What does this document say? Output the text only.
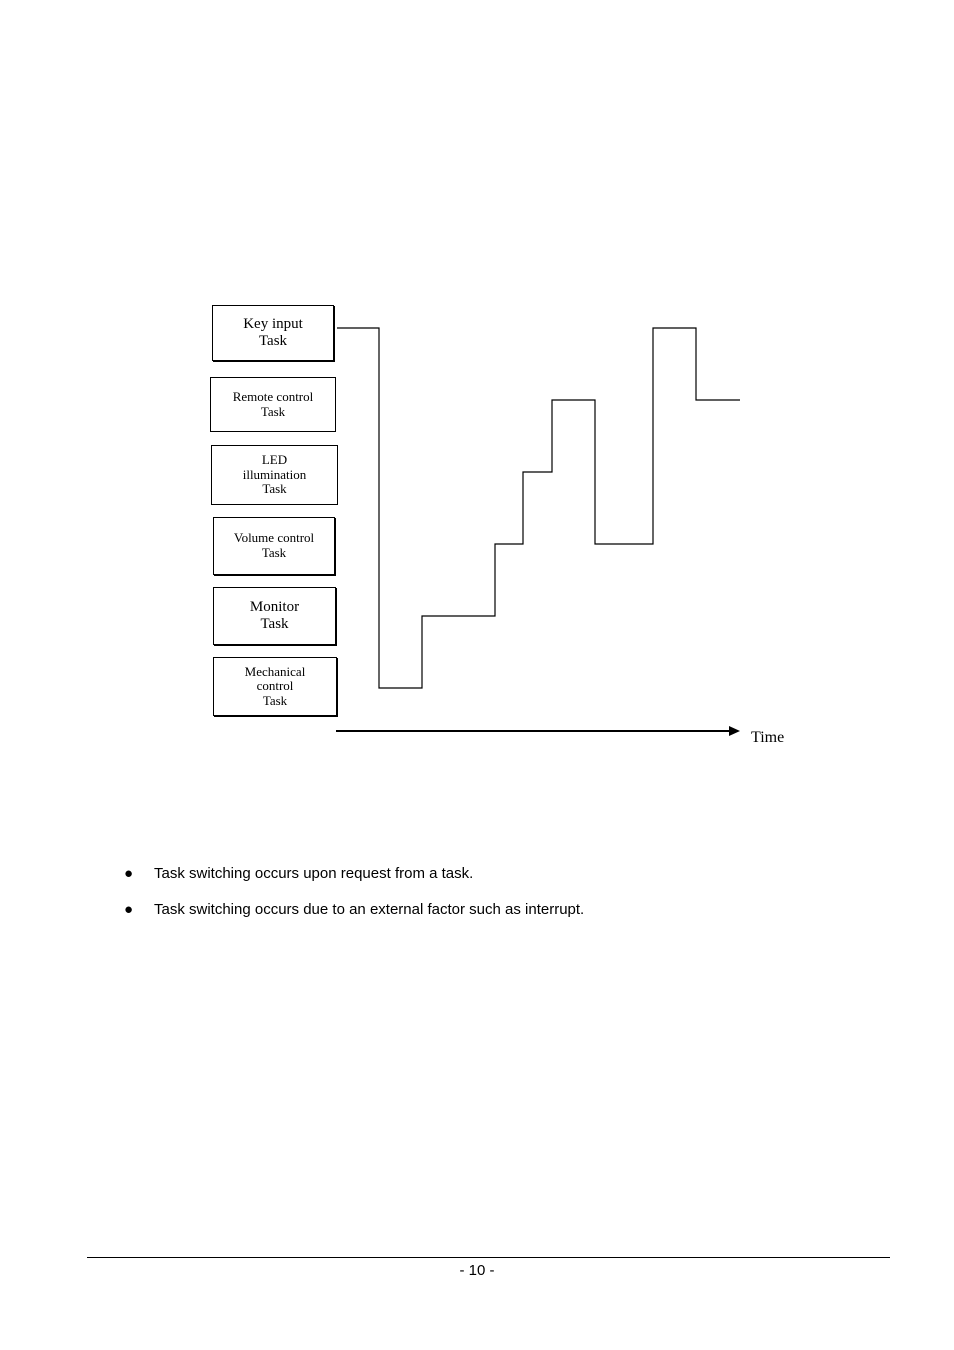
Key input
Task
Remote control
Task
LED
illumination
Task
Volume control
Task
Monitor
Task
Mechanical
control
Task
Time
●	Task switching occurs upon request from a task.
●	Task switching occurs due to an external factor such as interrupt.
- 10 -
